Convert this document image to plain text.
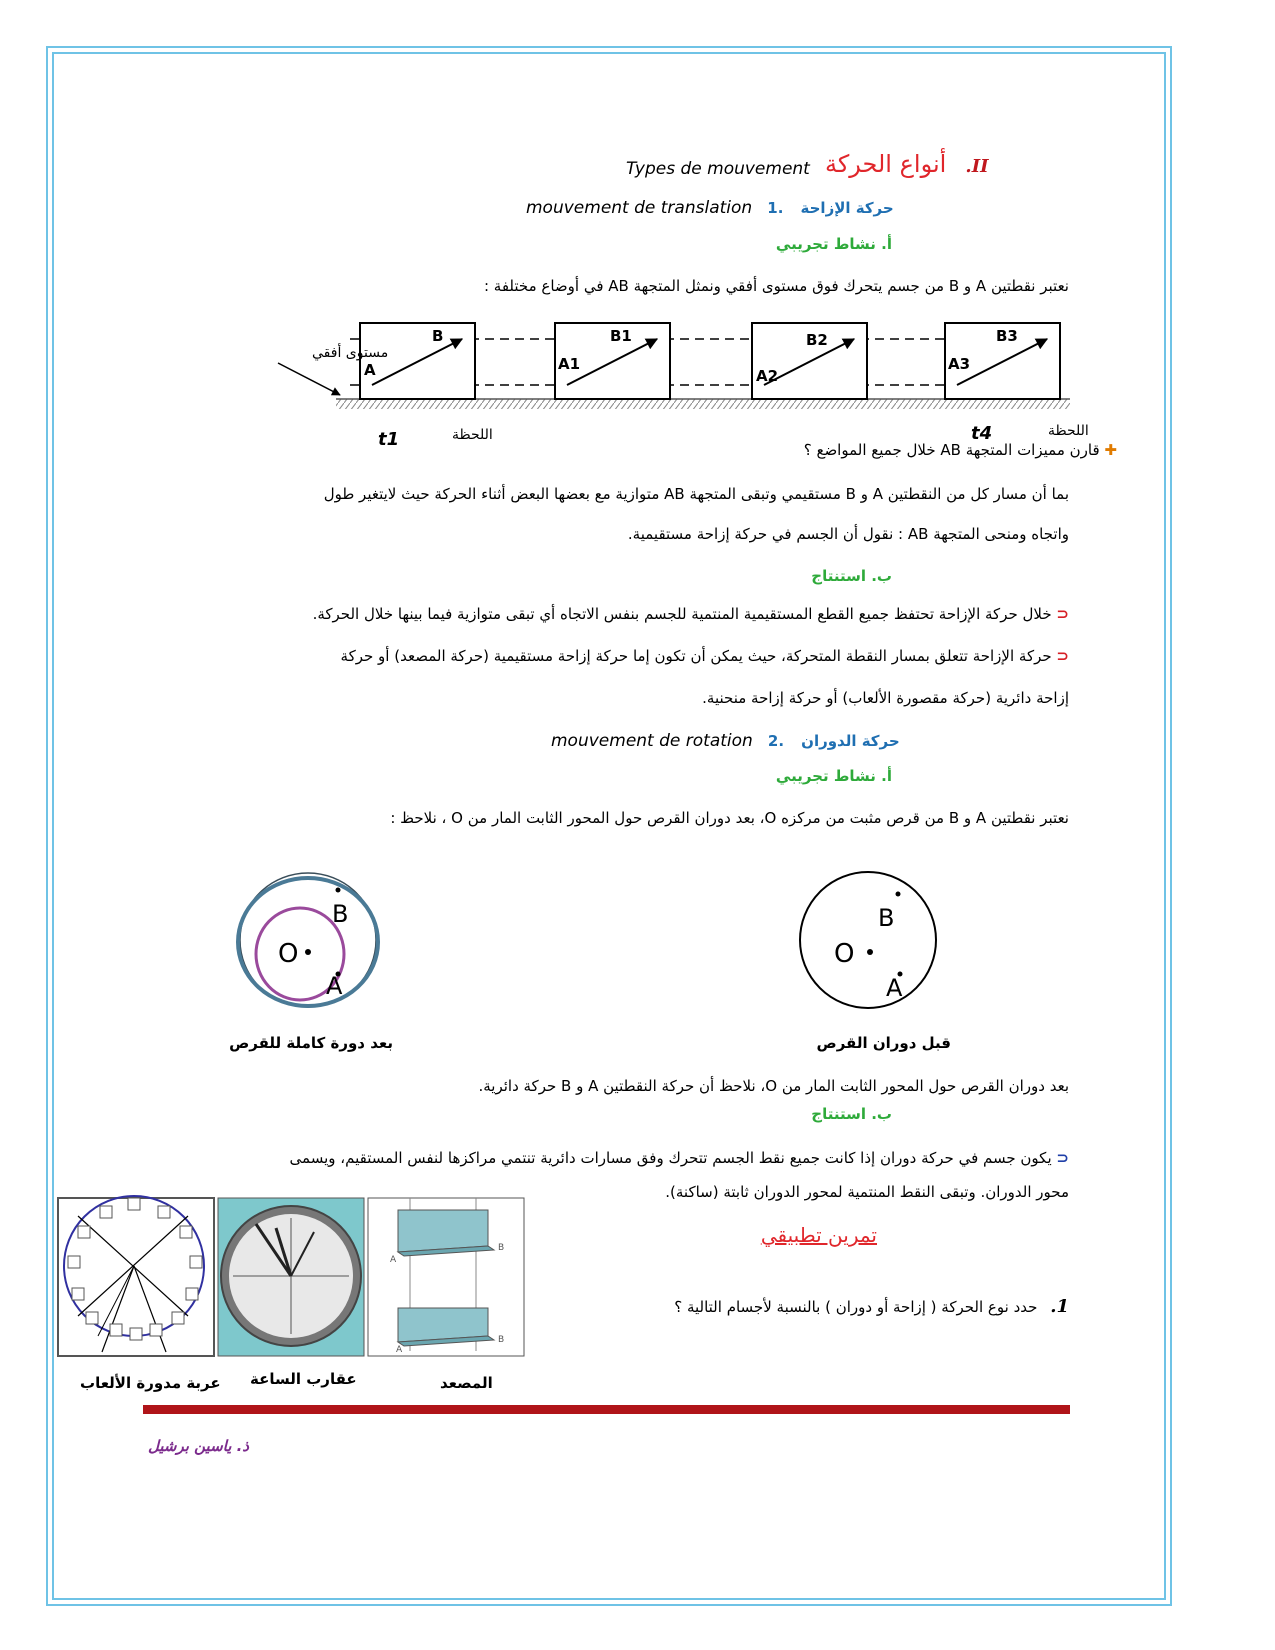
Types de mouvement أنواع الحركة .II
mouvement de translation	حركة الإزاحة .1
أ. نشاط تجريبي
نعتبر نقطتين A و B من جسم يتحرك فوق مستوى أفقي ونمثل المتجهة AB في أوضاع مختلفة :
A
B
A1
B1
A2
B2
A3
B3
مستوى أفقي
اللحظة
t1	t4	اللحظة
✚ قارن مميزات المتجهة AB خلال جميع المواضع ؟
بما أن مسار كل من النقطتين A و B مستقيمي وتبقى المتجهة AB متوازية مع بعضها البعض أثناء الحركة حيث لايتغير طول
واتجاه ومنحى المتجهة AB : نقول أن الجسم في حركة إزاحة مستقيمية.
ب. استنتاج
⊂ خلال حركة الإزاحة تحتفظ جميع القطع المستقيمية المنتمية للجسم بنفس الاتجاه أي تبقى متوازية فيما بينها خلال الحركة.
⊂ حركة الإزاحة تتعلق بمسار النقطة المتحركة، حيث يمكن أن تكون إما حركة إزاحة مستقيمية (حركة المصعد) أو حركة
إزاحة دائرية (حركة مقصورة الألعاب) أو حركة إزاحة منحنية.
mouvement de rotation	حركة الدوران .2
أ. نشاط تجريبي
نعتبر نقطتين A و B من قرص مثبت من مركزه O، بعد دوران القرص حول المحور الثابت المار من O ، نلاحظ :
O
B
A
O
B
A
بعد دورة كاملة للقرص	قبل دوران القرص
بعد دوران القرص حول المحور الثابت المار من O، نلاحظ أن حركة النقطتين A و B حركة دائرية.
ب. استنتاج
⊂ يكون جسم في حركة دوران إذا كانت جميع نقط الجسم تتحرك وفق مسارات دائرية تنتمي مراكزها لنفس المستقيم، ويسمى
محور الدوران. وتبقى النقط المنتمية لمحور الدوران ثابتة (ساكنة).
تمرين تطبيقي
1. حدد نوع الحركة ( إزاحة أو دوران ) بالنسبة لأجسام التالية ؟
A
B
A
B
عربة مدورة الألعاب عقارب الساعة	المصعد
ذ. ياسين برشيل
